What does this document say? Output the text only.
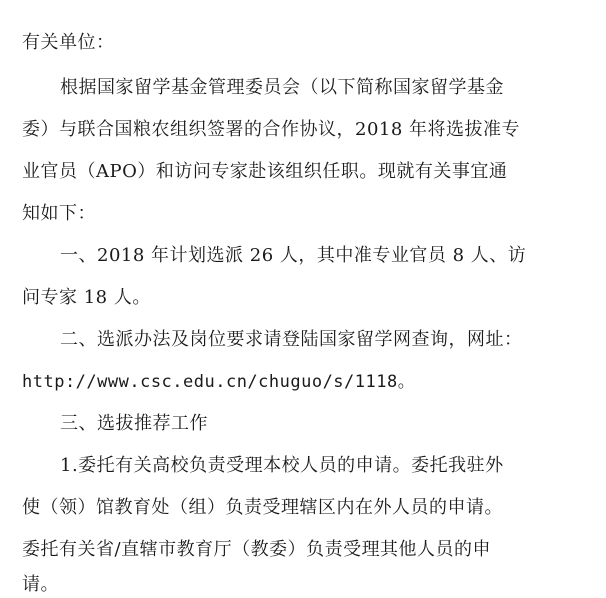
有关单位：
根据国家留学基金管理委员会（以下简称国家留学基金
委）与联合国粮农组织签署的合作协议，2018 年将选拔准专
业官员（APO）和访问专家赴该组织任职。现就有关事宜通
知如下：
一、2018 年计划选派 26 人，其中准专业官员 8 人、访
问专家 18 人。
二、选派办法及岗位要求请登陆国家留学网查询，网址：
http://www.csc.edu.cn/chuguo/s/1118。
三、选拔推荐工作
1.委托有关高校负责受理本校人员的申请。委托我驻外
使（领）馆教育处（组）负责受理辖区内在外人员的申请。
委托有关省/直辖市教育厅（教委）负责受理其他人员的申
请。
